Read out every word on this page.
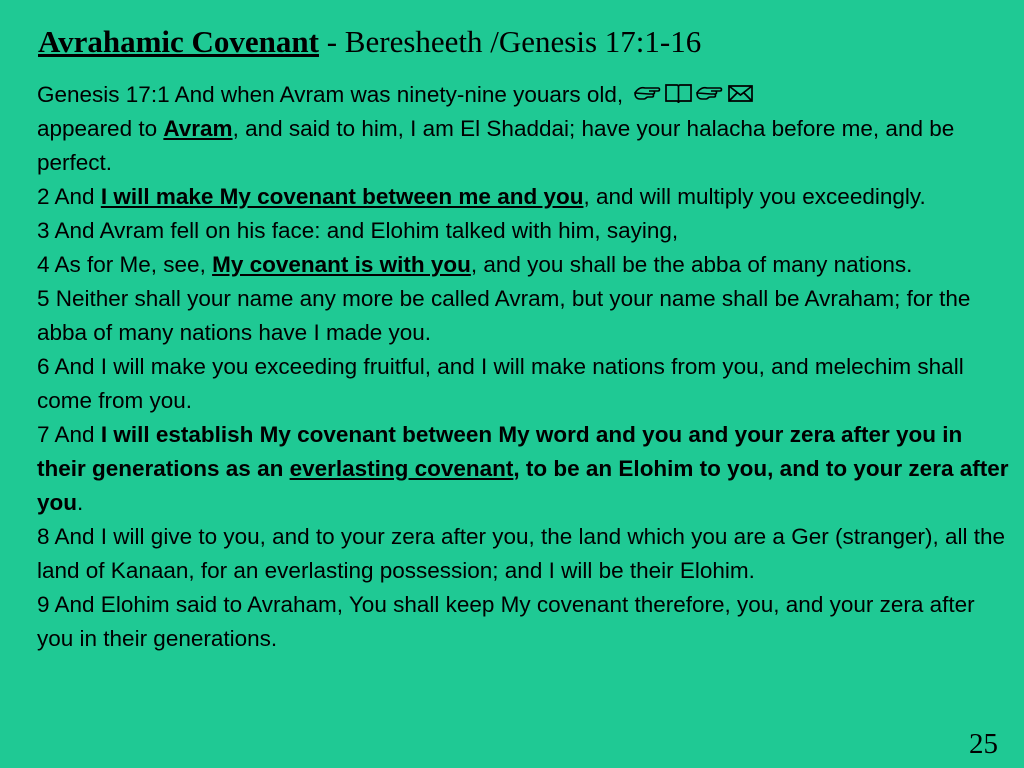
Avrahamic Covenant - Beresheeth /Genesis 17:1-16
Genesis 17:1 And when Avram was ninety-nine youars old,

appeared to Avram, and said to him, I am El Shaddai; have your halacha before me, and be perfect.
2 And I will make My covenant between me and you, and will multiply you exceedingly.
3 And Avram fell on his face: and Elohim talked with him, saying,
4 As for Me, see, My covenant is with you, and you shall be the abba of many nations.
5 Neither shall your name any more be called Avram, but your name shall be Avraham; for the abba of many nations have I made you.
6 And I will make you exceeding fruitful, and I will make nations from you, and melechim shall come from you.
7 And I will establish My covenant between My word and you and your zera after you in their generations as an everlasting covenant, to be an Elohim to you, and to your zera after you.
8 And I will give to you, and to your zera after you, the land which you are a Ger (stranger), all the land of Kanaan, for an everlasting possession; and I will be their Elohim.
9 And Elohim said to Avraham, You shall keep My covenant therefore, you, and your zera after you in their generations.
25
